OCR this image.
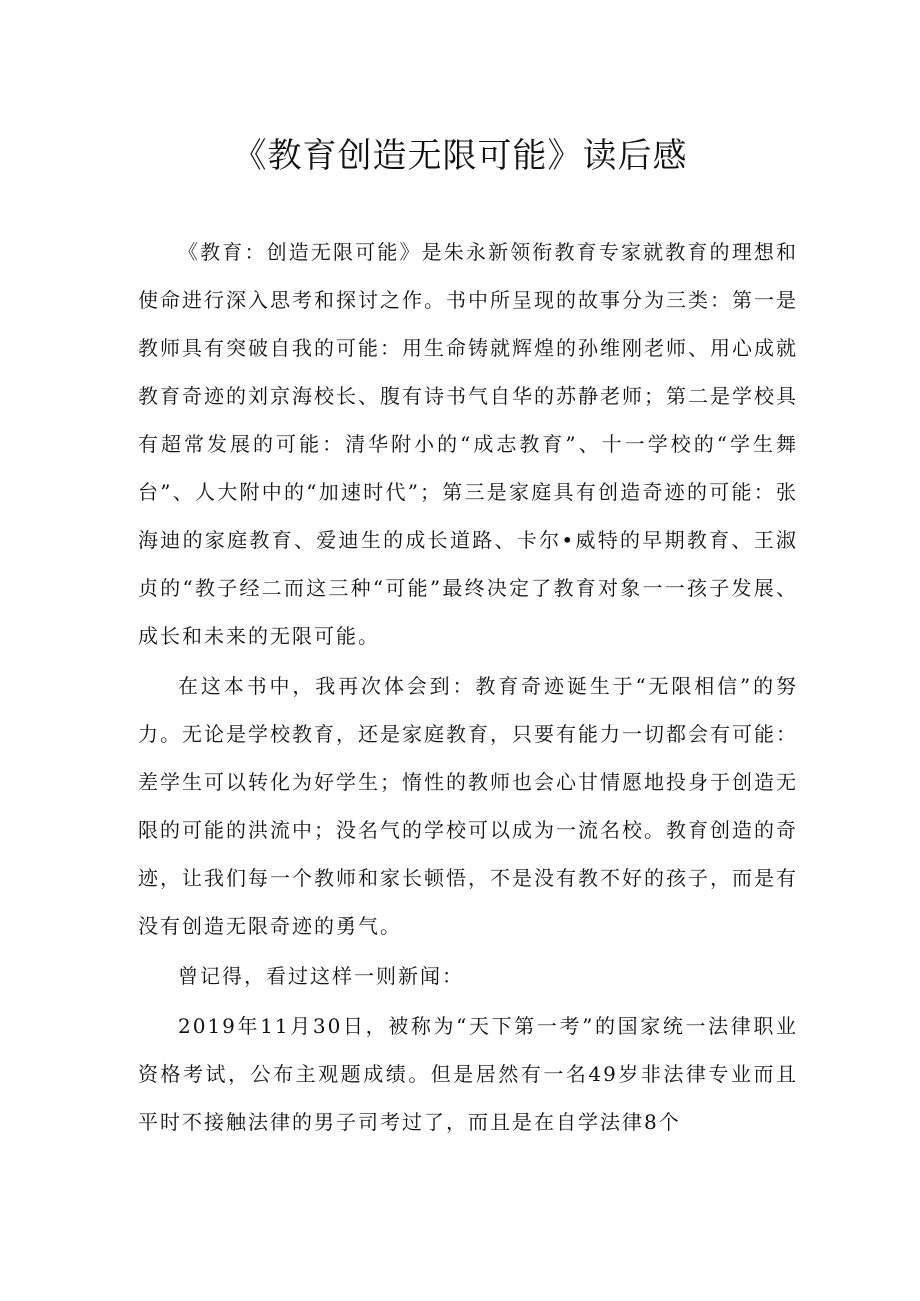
《教育创造无限可能》读后感

《教育：创造无限可能》是朱永新领衔教育专家就教育的理想和使命进行深入思考和探讨之作。书中所呈现的故事分为三类：第一是教师具有突破自我的可能：用生命铸就辉煌的孙维刚老师、用心成就教育奇迹的刘京海校长、腹有诗书气自华的苏静老师；第二是学校具有超常发展的可能：清华附小的“成志教育”、十一学校的“学生舞台”、人大附中的“加速时代”；第三是家庭具有创造奇迹的可能：张海迪的家庭教育、爱迪生的成长道路、卡尔•威特的早期教育、王淑贞的“教子经二而这三种“可能”最终决定了教育对象一一孩子发展、成长和未来的无限可能。

在这本书中，我再次体会到：教育奇迹诞生于“无限相信”的努力。无论是学校教育，还是家庭教育，只要有能力一切都会有可能：差学生可以转化为好学生；惰性的教师也会心甘情愿地投身于创造无限的可能的洪流中；没名气的学校可以成为一流名校。教育创造的奇迹，让我们每一个教师和家长顿悟，不是没有教不好的孩子，而是有没有创造无限奇迹的勇气。

曾记得，看过这样一则新闻：

2019年11月30日，被称为“天下第一考”的国家统一法律职业资格考试，公布主观题成绩。但是居然有一名49岁非法律专业而且平时不接触法律的男子司考过了，而且是在自学法律8个
